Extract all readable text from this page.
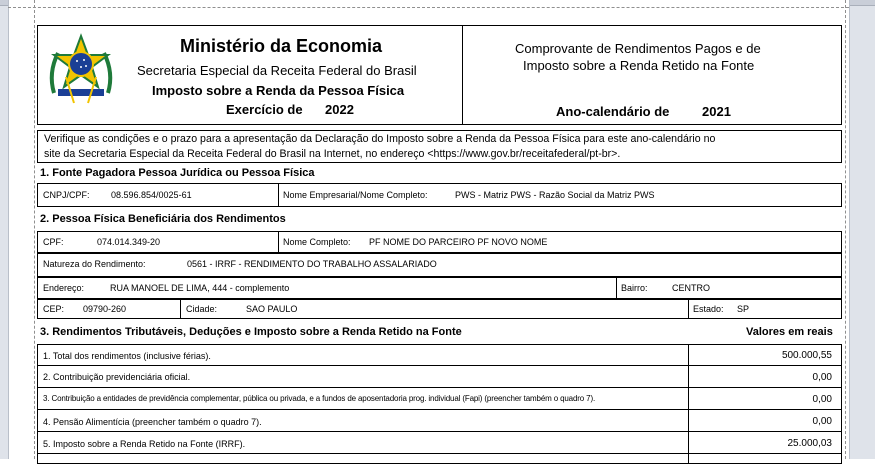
Ministério da Economia
Secretaria Especial da Receita Federal do Brasil
Imposto sobre a Renda da Pessoa Física
Exercício de 2022
Comprovante de Rendimentos Pagos e de
Imposto sobre a Renda Retido na Fonte
Ano-calendário de	2021
Verifique as condições e o prazo para a apresentação da Declaração do Imposto sobre a Renda da Pessoa Física para este ano-calendário no
site da Secretaria Especial da Receita Federal do Brasil na Internet, no endereço <https://www.gov.br/receitafederal/pt-br>.
1. Fonte Pagadora Pessoa Jurídica ou Pessoa Física
CNPJ/CPF: 08.596.854/0025-61	Nome Empresarial/Nome Completo:	PWS - Matriz PWS - Razão Social da Matriz PWS
2. Pessoa Física Beneficiária dos Rendimentos
CPF:	074.014.349-20	Nome Completo: PF NOME DO PARCEIRO PF NOVO NOME
Natureza do Rendimento:	0561 - IRRF - RENDIMENTO DO TRABALHO ASSALARIADO
Endereço:	RUA MANOEL DE LIMA, 444 - complemento	Bairro:	CENTRO
CEP: 09790-260	Cidade:	SAO PAULO	Estado: SP
3. Rendimentos Tributáveis, Deduções e Imposto sobre a Renda Retido na Fonte	Valores em reais
1. Total dos rendimentos (inclusive férias).	500.000,55
2. Contribuição previdenciária oficial.	0,00
3. Contribuição a entidades de previdência complementar, pública ou privada, e a fundos de aposentadoria prog. individual (Fapi) (preencher também o quadro 7).	0,00
4. Pensão Alimentícia (preencher também o quadro 7).	0,00
5. Imposto sobre a Renda Retido na Fonte (IRRF).	25.000,03
